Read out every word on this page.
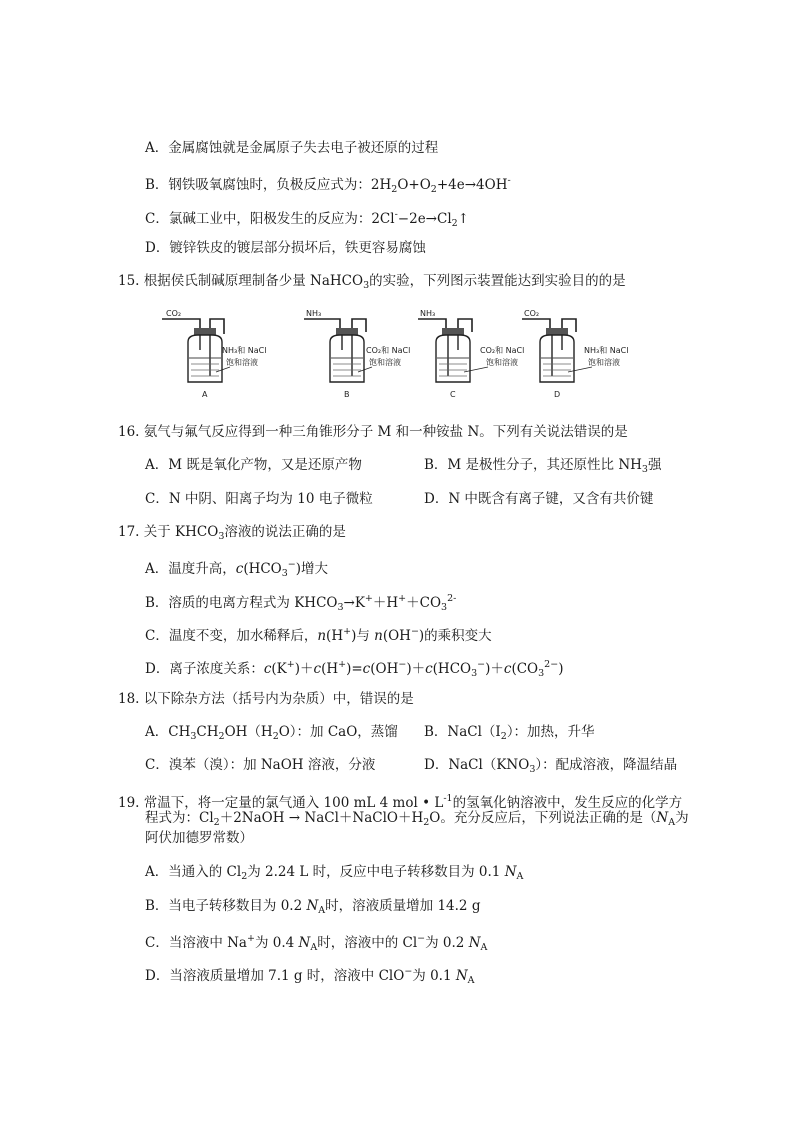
A．金属腐蚀就是金属原子失去电子被还原的过程
B．钢铁吸氧腐蚀时，负极反应式为：$2H_2O+O_2+4e\to 4OH^-$
C．氯碱工业中，阳极发生的反应为：$2Cl^--2e\to Cl_2↑$
D．镀锌铁皮的镀层部分损坏后，铁更容易腐蚀
15. 根据侯氏制碱原理制备少量 NaHCO$_3$的实验，下列图示装置能达到实验目的的是
CO₂
NH₃和 NaCl
饱和溶液
A
NH₃
CO₂和 NaCl
饱和溶液
B
NH₃
CO₂和 NaCl
饱和溶液
C
CO₂
NH₃和 NaCl
饱和溶液
D
16. 氨气与氟气反应得到一种三角锥形分子 M 和一种铵盐 N。下列有关说法错误的是
A．M 既是氧化产物，又是还原产物	B．M 是极性分子，其还原性比 $NH_3$强
C．N 中阴、阳离子均为 10 电子微粒	D．N 中既含有离子键，又含有共价键
17. 关于 $KHCO_3$溶液的说法正确的是
A．温度升高，$c(HCO_3^-)$增大
B．溶质的电离方程式为 $KHCO_3\to K^++H^++CO_3^{2-}$
C．温度不变，加水稀释后，n(H+)与 n(OH−)的乘积变大
D．离子浓度关系：$c(K^+)+c(H^+)=c(OH^-)+c(HCO_3^-)+c(CO_3^{2-})$
18. 以下除杂方法（括号内为杂质）中，错误的是
A．$CH_3CH_2OH(H_2O)$：加 CaO，蒸馏 B．$NaCl(I_2)$：加热，升华
C．溴苯（溴）：加 NaOH 溶液，分液	D．$NaCl(KNO_3)$：配成溶液，降温结晶
19. 常温下，将一定量的氯气通入 100 mL 4 mol • $L^{-1}$的氢氧化钠溶液中，发生反应的化学方
程式为：$Cl_2+2NaOH$ → $NaCl+NaClO+H_2O$。充分反应后，下列说法正确的是（$N_A$为
阿伏加德罗常数）
A．当通入的 $Cl_2$为 2.24 L 时，反应中电子转移数目为 0.1 $N_A$
B．当电子转移数目为 0.2 $N_A$时，溶液质量增加 14.2 g
C．当溶液中 Na+为 0.4 $N_A$时，溶液中的 Cl−为 0.2 $N_A$
D．当溶液质量增加 7.1 g 时，溶液中 ClO−为 0.1 $N_A$
